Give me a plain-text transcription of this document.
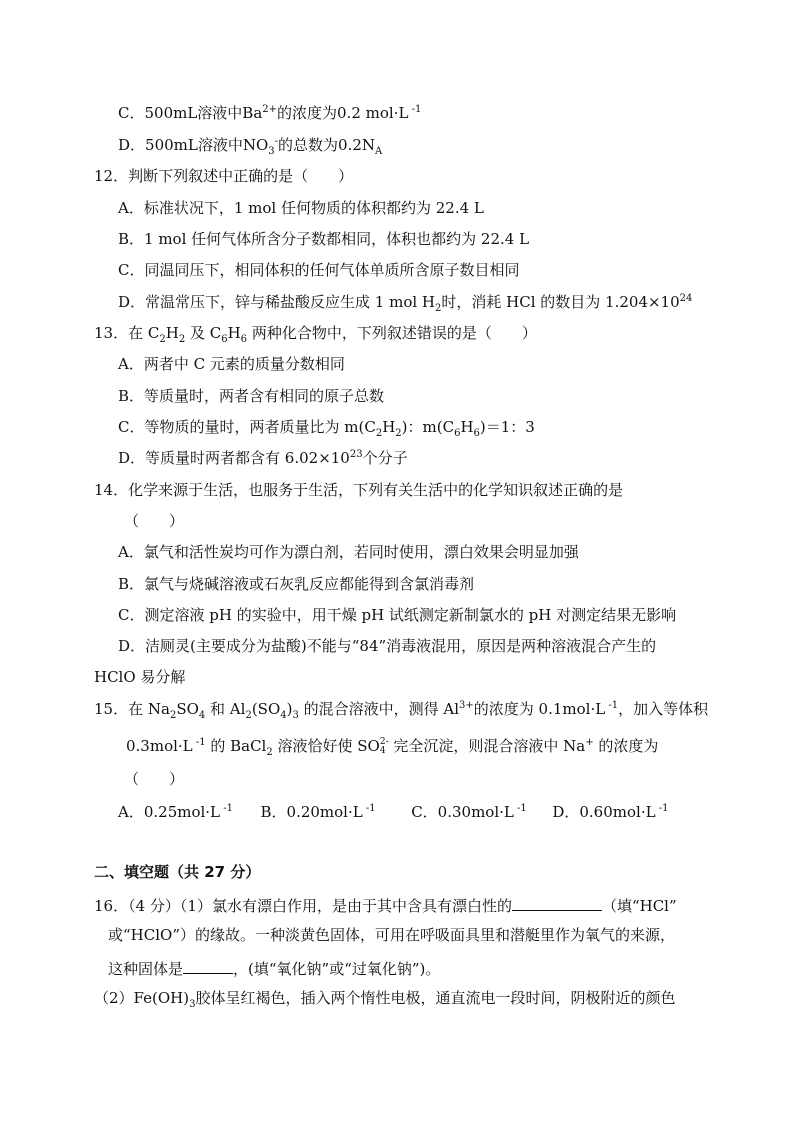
C．500mL溶液中$Ba^{2+}$的浓度为0.2 mol·L $^{-1}$
D．500mL溶液中$NO_3^-$的总数为$0.2N_A$
12．判断下列叙述中正确的是（　　）
A．标准状况下，1 mol 任何物质的体积都约为 22.4 L
B．1 mol 任何气体所含分子数都相同，体积也都约为 22.4 L
C．同温同压下，相同体积的任何气体单质所含原子数目相同
D．常温常压下，锌与稀盐酸反应生成 1 mol $H_2$时，消耗 HCl 的数目为 $1.204\times 10^{24}$
13．在 $C_2H_2$ 及 $C_6H_6$ 两种化合物中，下列叙述错误的是（　　）
A．两者中 C 元素的质量分数相同
B．等质量时，两者含有相同的原子总数
C．等物质的量时，两者质量比为 $m(C_2H_2)$：$m(C_6H_6)=1$：3
D．等质量时两者都含有 $6.02\times 10^{23}$个分子
14．化学来源于生活，也服务于生活，下列有关生活中的化学知识叙述正确的是
（　　）
A．氯气和活性炭均可作为漂白剂，若同时使用，漂白效果会明显加强
B．氯气与烧碱溶液或石灰乳反应都能得到含氯消毒剂
C．测定溶液 pH 的实验中，用干燥 pH 试纸测定新制氯水的 pH 对测定结果无影响
D．洁厕灵(主要成分为盐酸)不能与“84”消毒液混用，原因是两种溶液混合产生的
HClO 易分解
15．在 $Na_2SO_4$ 和 $Al_2(SO_4)_3$ 的混合溶液中，测得 $Al^{3+}$的浓度为 0.1mol·L $^{-1}$，加入等体积
0.3mol·L $^{-1}$ 的 BaCl$_2$ 溶液恰好使 SO 2-
4 完全沉淀，则混合溶液中 Na+ 的浓度为
（　　）
A．0.25mol·L $^{-1}$ B．0.20mol·L $^{-1}$ C．0.30mol·L $^{-1}$ D．0.60mol·L $^{-1}$
二、填空题（共 27 分）
16．（4 分）（1）氯水有漂白作用，是由于其中含具有漂白性的	（填“HCl”
或“HClO”）的缘故。一种淡黄色固体，可用在呼吸面具里和潜艇里作为氧气的来源，
这种固体是	，(填“氧化钠”或“过氧化钠”)。
$(2)Fe(OH)_3$胶体呈红褐色，插入两个惰性电极，通直流电一段时间，阴极附近的颜色
